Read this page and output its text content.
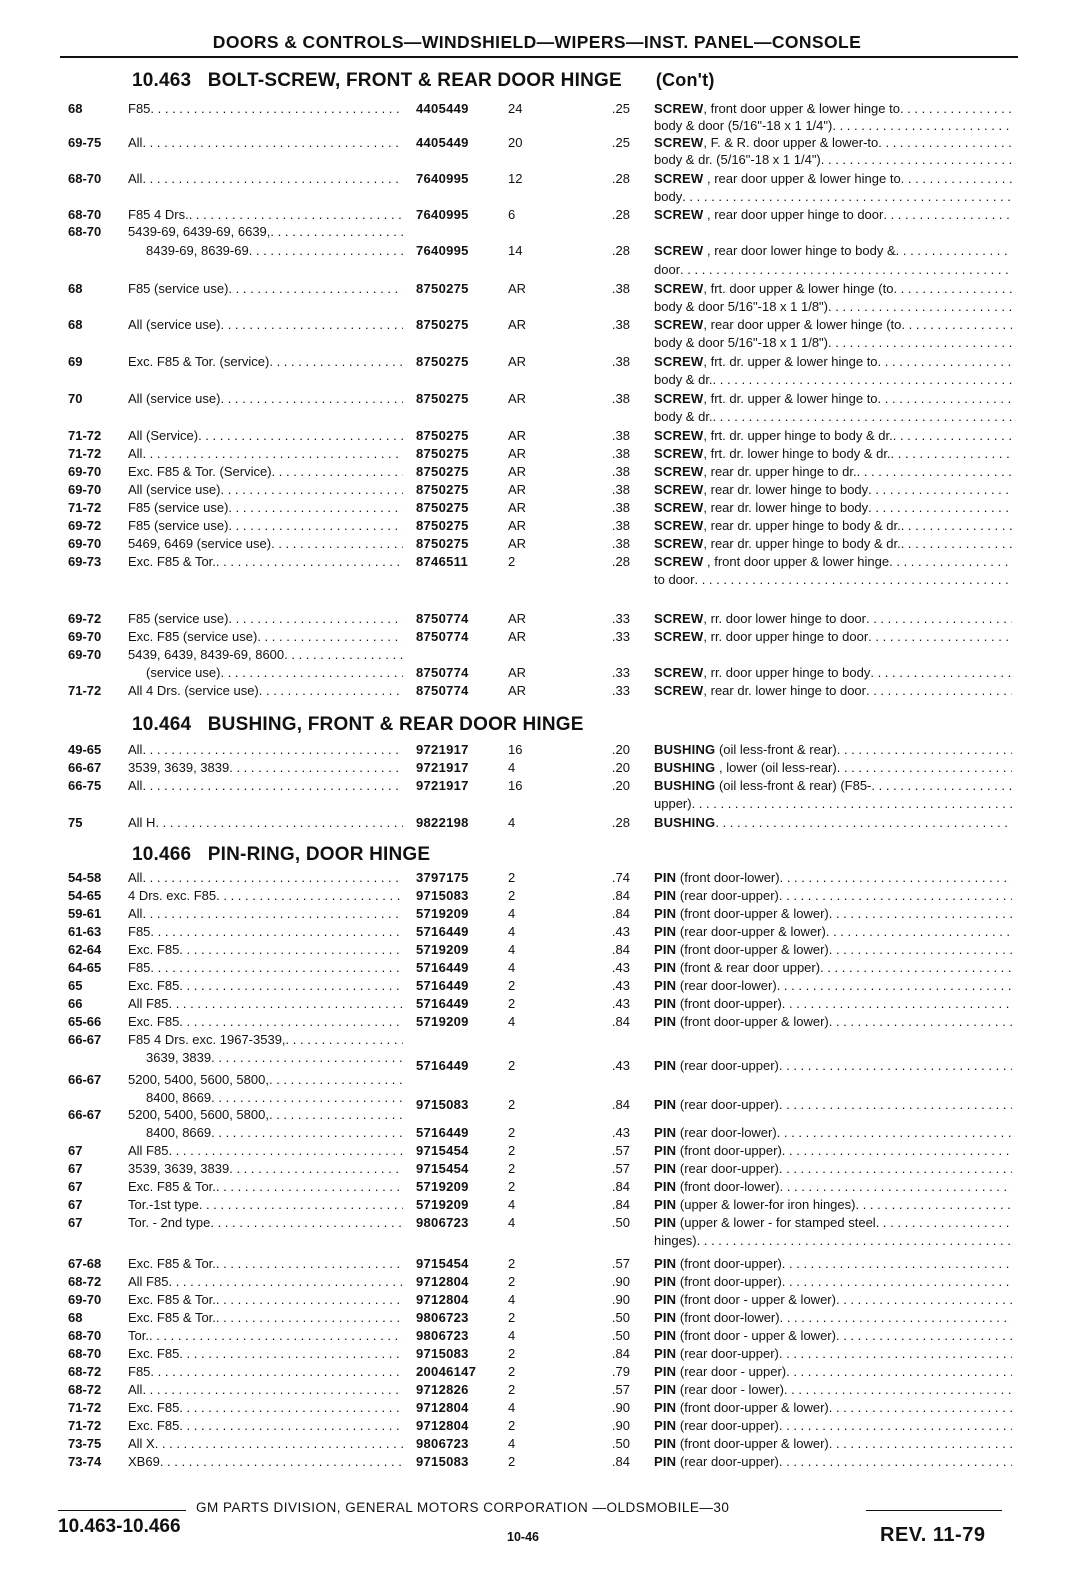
DOORS & CONTROLS—WINDSHIELD—WIPERS—INST. PANEL—CONSOLE
10.463 BOLT-SCREW, FRONT & REAR DOOR HINGE (Con't)
10.464 BUSHING, FRONT & REAR DOOR HINGE
10.466 PIN-RING, DOOR HINGE
68	F85 . . .	4405449	24	.25 SCREW, front door upper & lower hinge to
. . .
body & door (5/16"-18 x 1 1/4")
. . .
69-75 All . . .	4405449	20	.25 SCREW, F. & R. door upper & lower-to
. . .
body & dr. (5/16"-18 x 1 1/4")
. . .
68-70 All . . .	7640995	12	.28 SCREW , rear door upper & lower hinge to
. . .
body
. . .
68-70 F85 4 Drs. . . .	7640995	6	.28 SCREW , rear door upper hinge to door
. . .
68-70 5439-69, 6439-69, 6639,
. . .
8439-69, 8639-69 . . .	7640995	14	.28 SCREW , rear door lower hinge to body &
. . .
door
. . .
68	F85 (service use) . . .	8750275	AR	.38 SCREW, frt. door upper & lower hinge (to
. . .
body & door 5/16"-18 x 1 1/8")
. . .
68	All (service use) . . .	8750275	AR	.38 SCREW, rear door upper & lower hinge (to
. . .
body & door 5/16"-18 x 1 1/8")
. . .
69	Exc. F85 & Tor. (service) . . .	8750275	AR	.38 SCREW, frt. dr. upper & lower hinge to
. . .
body & dr.
. . .
70	All (service use) . . .	8750275	AR	.38 SCREW, frt. dr. upper & lower hinge to
. . .
body & dr.
. . .
71-72 All (Service) . . .	8750275	AR	.38 SCREW, frt. dr. upper hinge to body & dr.
. . .
71-72 All . . .	8750275	AR	.38 SCREW, frt. dr. lower hinge to body & dr.
. . .
69-70 Exc. F85 & Tor. (Service) . . .	8750275	AR	.38 SCREW, rear dr. upper hinge to dr.
. . .
69-70 All (service use) . . .	8750275	AR	.38 SCREW, rear dr. lower hinge to body
. . .
71-72 F85 (service use) . . .	8750275	AR	.38 SCREW, rear dr. lower hinge to body
. . .
69-72 F85 (service use) . . .	8750275	AR	.38 SCREW, rear dr. upper hinge to body & dr.
. . .
69-70 5469, 6469 (service use) . . .	8750275	AR	.38 SCREW, rear dr. upper hinge to body & dr.
. . .
69-73 Exc. F85 & Tor. . . .	8746511	2	.28 SCREW , front door upper & lower hinge
. . .
to door
. . .
69-72 F85 (service use) . . .	8750774	AR	.33 SCREW, rr. door lower hinge to door
. . .
69-70 Exc. F85 (service use) . . .	8750774	AR	.33 SCREW, rr. door upper hinge to door
. . .
69-70 5439, 6439, 8439-69, 8600
. . .
(service use) . . .	8750774	AR	.33 SCREW, rr. door upper hinge to body
. . .
71-72 All 4 Drs. (service use) . . .	8750774	AR	.33 SCREW, rear dr. lower hinge to door
. . .
49-65 All . . .	9721917	16	.20 BUSHING (oil less-front & rear)
. . .
66-67 3539, 3639, 3839 . . .	9721917	4	.20 BUSHING , lower (oil less-rear)
. . .
66-75 All . . .	9721917	16	.20 BUSHING (oil less-front & rear) (F85-
. . .
upper)
. . .
75	All H . . .	9822198	4	.28 BUSHING
. . .
54-58 All . . .	3797175	2	.74 PIN (front door-lower)
. . .
54-65 4 Drs. exc. F85 . . .	9715083	2	.84 PIN (rear door-upper)
. . .
59-61 All . . .	5719209	4	.84 PIN (front door-upper & lower)
. . .
61-63 F85 . . .	5716449	4	.43 PIN (rear door-upper & lower)
. . .
62-64 Exc. F85 . . .	5719209	4	.84 PIN (front door-upper & lower)
. . .
64-65 F85 . . .	5716449	4	.43 PIN (front & rear door upper)
. . .
65	Exc. F85 . . .	5716449	2	.43 PIN (rear door-lower)
. . .
66	All F85 . . .	5716449	2	.43 PIN (front door-upper)
. . .
65-66 Exc. F85 . . .	5719209	4	.84 PIN (front door-upper & lower)
. . .
66-67 F85 4 Drs. exc. 1967-3539,
. . .
3639, 3839
. . .
5716449	2	.43 PIN (rear door-upper)
. . .
66-67 5200, 5400, 5600, 5800,
. . .
8400, 8669 . . .	9715083	2	.84 PIN (rear door-upper)
. . .
66-67 5200, 5400, 5600, 5800,
. . .
8400, 8669 . . .	5716449	2	.43 PIN (rear door-lower)
. . .
67	All F85 . . .	9715454	2	.57 PIN (front door-upper)
. . .
67	3539, 3639, 3839 . . .	9715454	2	.57 PIN (rear door-upper)
. . .
67	Exc. F85 & Tor. . . .	5719209	2	.84 PIN (front door-lower)
. . .
67	Tor.-1st type . . .	5719209	4	.84 PIN (upper & lower-for iron hinges)
. . .
67	Tor. - 2nd type . . .	9806723	4	.50 PIN (upper & lower - for stamped steel
. . .
hinges)
. . .
67-68 Exc. F85 & Tor. . . .	9715454	2	.57 PIN (front door-upper)
. . .
68-72 All F85 . . .	9712804	2	.90 PIN (front door-upper)
. . .
69-70 Exc. F85 & Tor. . . .	9712804	4	.90 PIN (front door - upper & lower)
. . .
68	Exc. F85 & Tor. . . .	9806723	2	.50 PIN (front door-lower)
. . .
68-70 Tor. . . .	9806723	4	.50 PIN (front door - upper & lower)
. . .
68-70 Exc. F85 . . .	9715083	2	.84 PIN (rear door-upper)
. . .
68-72 F85 . . .	20046147 2	.79 PIN (rear door - upper)
. . .
68-72 All . . .	9712826	2	.57 PIN (rear door - lower)
. . .
71-72 Exc. F85 . . .	9712804	4	.90 PIN (front door-upper & lower)
. . .
71-72 Exc. F85 . . .	9712804	2	.90 PIN (rear door-upper)
. . .
73-75 All X . . .	9806723	4	.50 PIN (front door-upper & lower)
. . .
73-74 XB69 . . .	9715083	2	.84 PIN (rear door-upper)
. . .
GM PARTS DIVISION, GENERAL MOTORS CORPORATION —OLDSMOBILE—30
10.463-10.466	10-46	REV. 11-79
